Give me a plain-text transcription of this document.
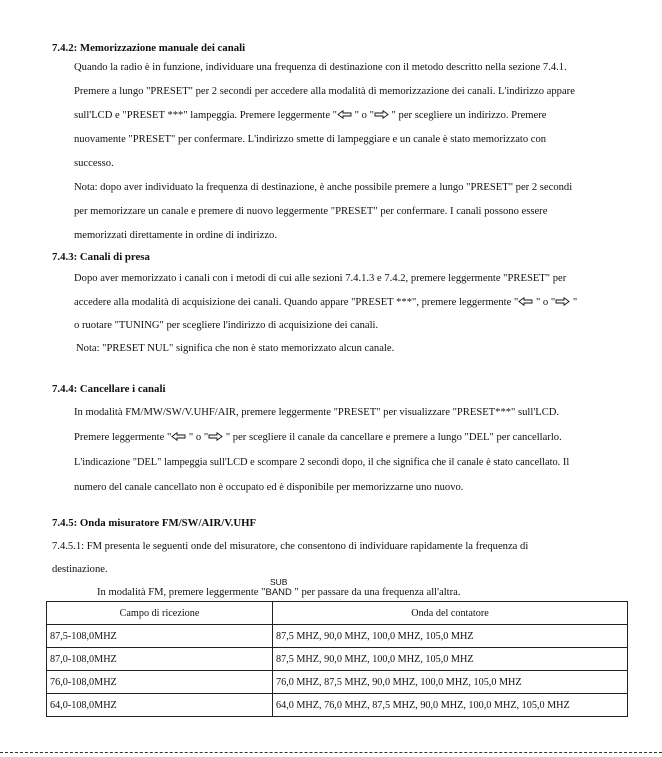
7.4.2: Memorizzazione manuale dei canali
Quando la radio è in funzione, individuare una frequenza di destinazione con il metodo descritto nella sezione 7.4.1.
Premere a lungo "PRESET" per 2 secondi per accedere alla modalità di memorizzazione dei canali. L'indirizzo appare
sull'LCD e "PRESET ***" lampeggia. Premere leggermente " " o " " per scegliere un indirizzo. Premere
nuovamente "PRESET" per confermare. L'indirizzo smette di lampeggiare e un canale è stato memorizzato con
successo.
Nota: dopo aver individuato la frequenza di destinazione, è anche possibile premere a lungo "PRESET" per 2 secondi
per memorizzare un canale e premere di nuovo leggermente "PRESET" per confermare. I canali possono essere
memorizzati direttamente in ordine di indirizzo.
7.4.3: Canali di presa
Dopo aver memorizzato i canali con i metodi di cui alle sezioni 7.4.1.3 e 7.4.2, premere leggermente "PRESET" per
accedere alla modalità di acquisizione dei canali. Quando appare "PRESET ***", premere leggermente " " o " "
o ruotare "TUNING" per scegliere l'indirizzo di acquisizione dei canali.
Nota: "PRESET NUL" significa che non è stato memorizzato alcun canale.
7.4.4: Cancellare i canali
In modalità FM/MW/SW/V.UHF/AIR, premere leggermente "PRESET" per visualizzare "PRESET***" sull'LCD.
Premere leggermente " " o " " per scegliere il canale da cancellare e premere a lungo "DEL" per cancellarlo.
L'indicazione "DEL" lampeggia sull'LCD e scompare 2 secondi dopo, il che significa che il canale è stato cancellato. Il
numero del canale cancellato non è occupato ed è disponibile per memorizzarne uno nuovo.
7.4.5: Onda misuratore FM/SW/AIR/V.UHF
7.4.5.1: FM presenta le seguenti onde del misuratore, che consentono di individuare rapidamente la frequenza di
destinazione.
In modalità FM, premere leggermente "
SUB
BAND " per passare da una frequenza all'altra.
Campo di ricezione	Onda del contatore
87,5-108,0MHZ	87,5 MHZ, 90,0 MHZ, 100,0 MHZ, 105,0 MHZ
87,0-108,0MHZ	87,5 MHZ, 90,0 MHZ, 100,0 MHZ, 105,0 MHZ
76,0-108,0MHZ	76,0 MHZ, 87,5 MHZ, 90,0 MHZ, 100,0 MHZ, 105,0 MHZ
64,0-108,0MHZ	64,0 MHZ, 76,0 MHZ, 87,5 MHZ, 90,0 MHZ, 100,0 MHZ, 105,0 MHZ
